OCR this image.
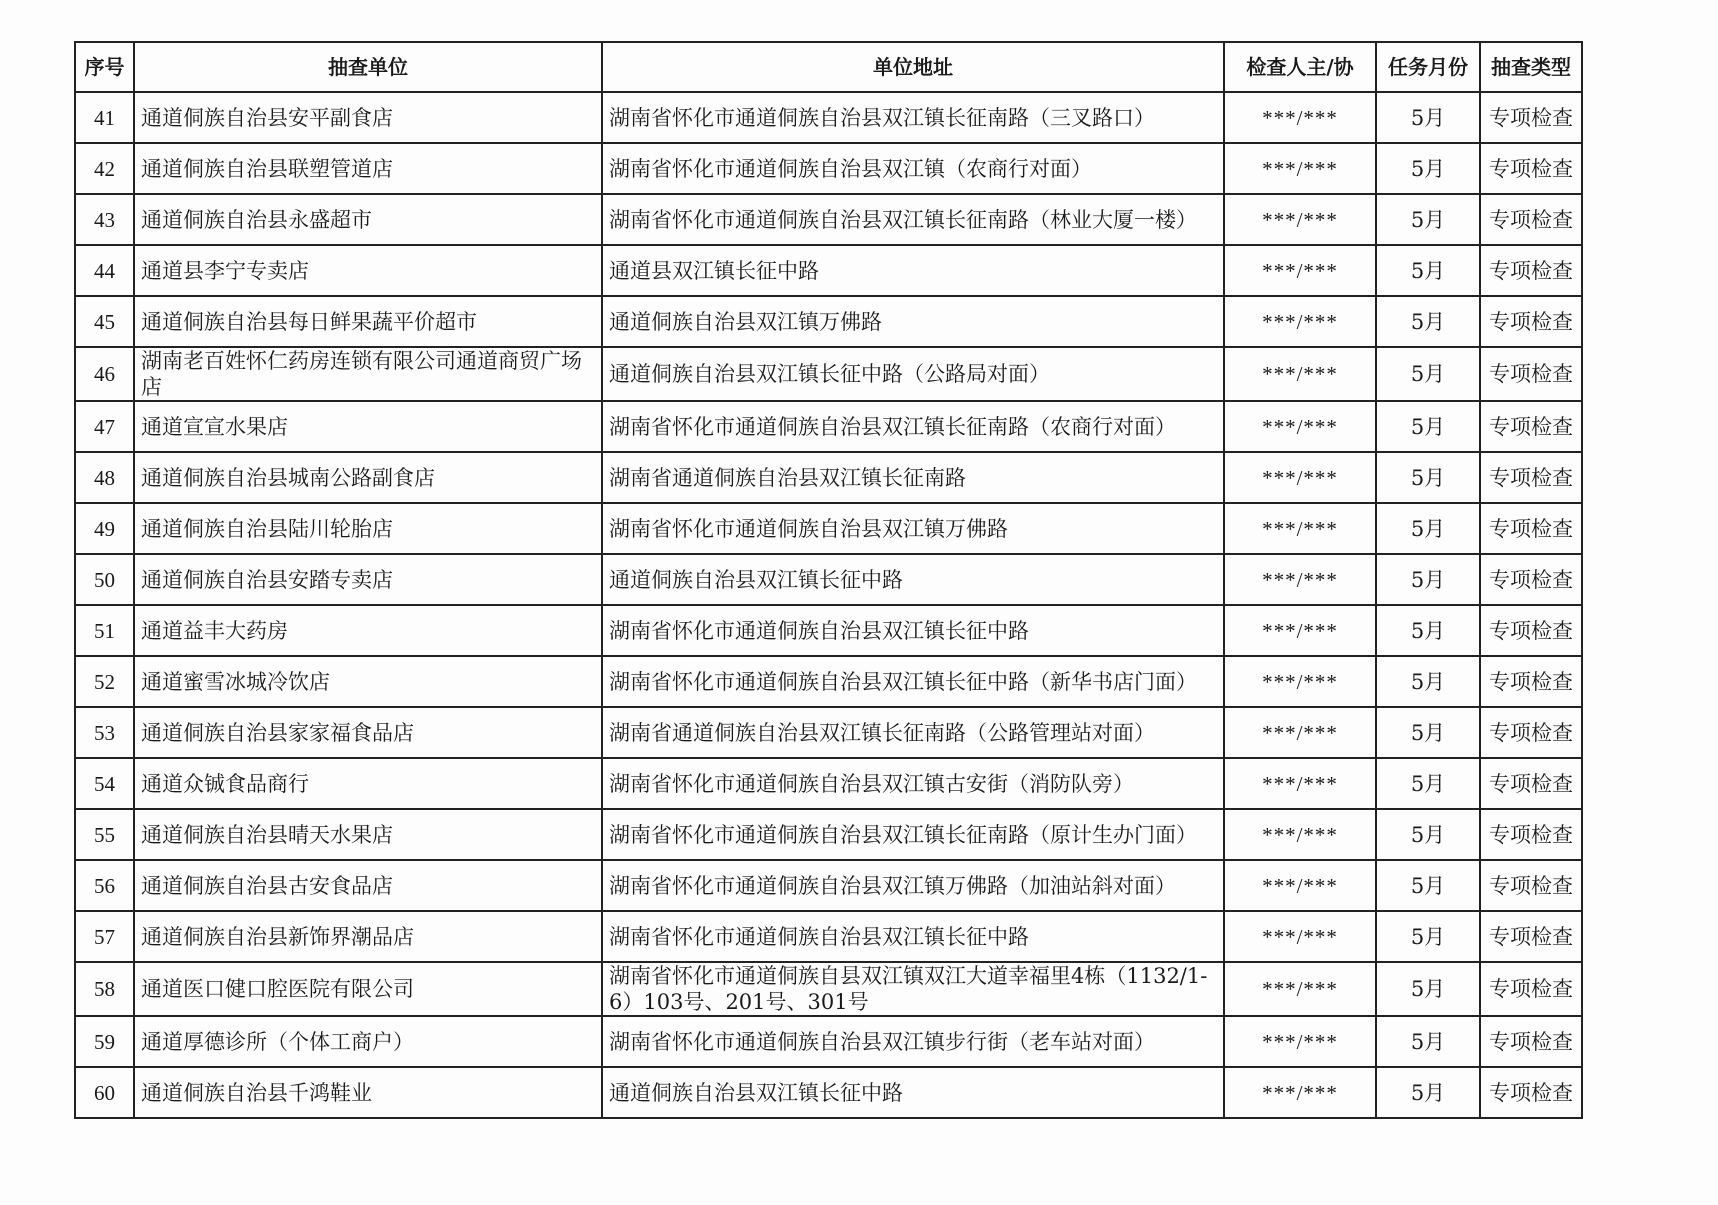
序号	抽查单位	单位地址	检查人主/协	任务月份	抽查类型
41	通道侗族自治县安平副食店	湖南省怀化市通道侗族自治县双江镇长征南路（三叉路口）	***/***	5月	专项检查
42	通道侗族自治县联塑管道店	湖南省怀化市通道侗族自治县双江镇（农商行对面）	***/***	5月	专项检查
43	通道侗族自治县永盛超市	湖南省怀化市通道侗族自治县双江镇长征南路（林业大厦一楼）	***/***	5月	专项检查
44	通道县李宁专卖店	通道县双江镇长征中路	***/***	5月	专项检查
45	通道侗族自治县每日鲜果蔬平价超市	通道侗族自治县双江镇万佛路	***/***	5月	专项检查
46	湖南老百姓怀仁药房连锁有限公司通道商贸广场店	通道侗族自治县双江镇长征中路（公路局对面）	***/***	5月	专项检查
47	通道宣宣水果店	湖南省怀化市通道侗族自治县双江镇长征南路（农商行对面）	***/***	5月	专项检查
48	通道侗族自治县城南公路副食店	湖南省通道侗族自治县双江镇长征南路	***/***	5月	专项检查
49	通道侗族自治县陆川轮胎店	湖南省怀化市通道侗族自治县双江镇万佛路	***/***	5月	专项检查
50	通道侗族自治县安踏专卖店	通道侗族自治县双江镇长征中路	***/***	5月	专项检查
51	通道益丰大药房	湖南省怀化市通道侗族自治县双江镇长征中路	***/***	5月	专项检查
52	通道蜜雪冰城冷饮店	湖南省怀化市通道侗族自治县双江镇长征中路（新华书店门面）	***/***	5月	专项检查
53	通道侗族自治县家家福食品店	湖南省通道侗族自治县双江镇长征南路（公路管理站对面）	***/***	5月	专项检查
54	通道众铖食品商行	湖南省怀化市通道侗族自治县双江镇古安街（消防队旁）	***/***	5月	专项检查
55	通道侗族自治县晴天水果店	湖南省怀化市通道侗族自治县双江镇长征南路（原计生办门面）	***/***	5月	专项检查
56	通道侗族自治县古安食品店	湖南省怀化市通道侗族自治县双江镇万佛路（加油站斜对面）	***/***	5月	专项检查
57	通道侗族自治县新饰界潮品店	湖南省怀化市通道侗族自治县双江镇长征中路	***/***	5月	专项检查
58	通道医口健口腔医院有限公司	湖南省怀化市通道侗族自县双江镇双江大道幸福里4栋（1132/1-6）103号、201号、301号	***/***	5月	专项检查
59	通道厚德诊所（个体工商户）	湖南省怀化市通道侗族自治县双江镇步行街（老车站对面）	***/***	5月	专项检查
60	通道侗族自治县千鸿鞋业	通道侗族自治县双江镇长征中路	***/***	5月	专项检查
